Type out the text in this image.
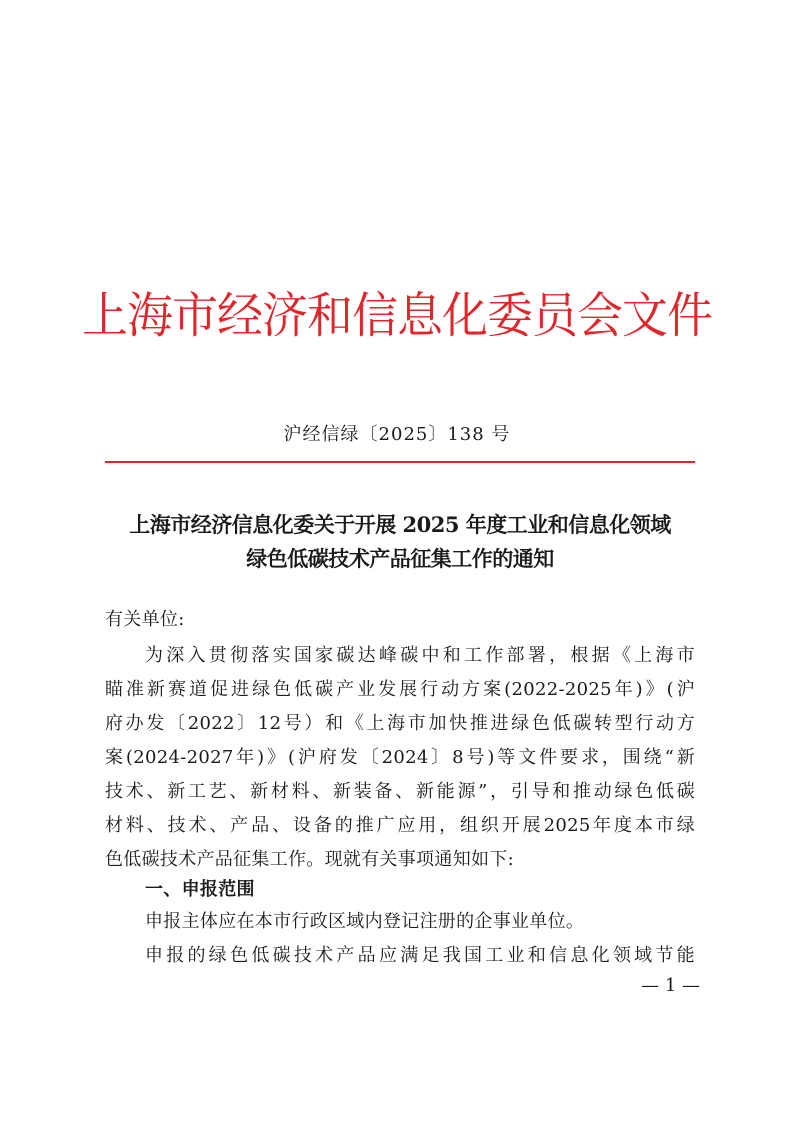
上海市经济和信息化委员会文件
沪经信绿〔2025〕138 号
上海市经济信息化委关于开展 2025 年度工业和信息化领域
绿色低碳技术产品征集工作的通知
有关单位:
为深入贯彻落实国家碳达峰碳中和工作部署，根据《上海市
瞄准新赛道促进绿色低碳产业发展行动方案(2022-2025年)》(沪
府办发〔2022〕12号）和《上海市加快推进绿色低碳转型行动方
案(2024-2027年)》(沪府发〔2024〕8号)等文件要求，围绕“新
技术、新工艺、新材料、新装备、新能源”，引导和推动绿色低碳
材料、技术、产品、设备的推广应用，组织开展2025年度本市绿
色低碳技术产品征集工作。现就有关事项通知如下:
一、申报范围
申报主体应在本市行政区域内登记注册的企事业单位。
申报的绿色低碳技术产品应满足我国工业和信息化领域节能
— 1 —
